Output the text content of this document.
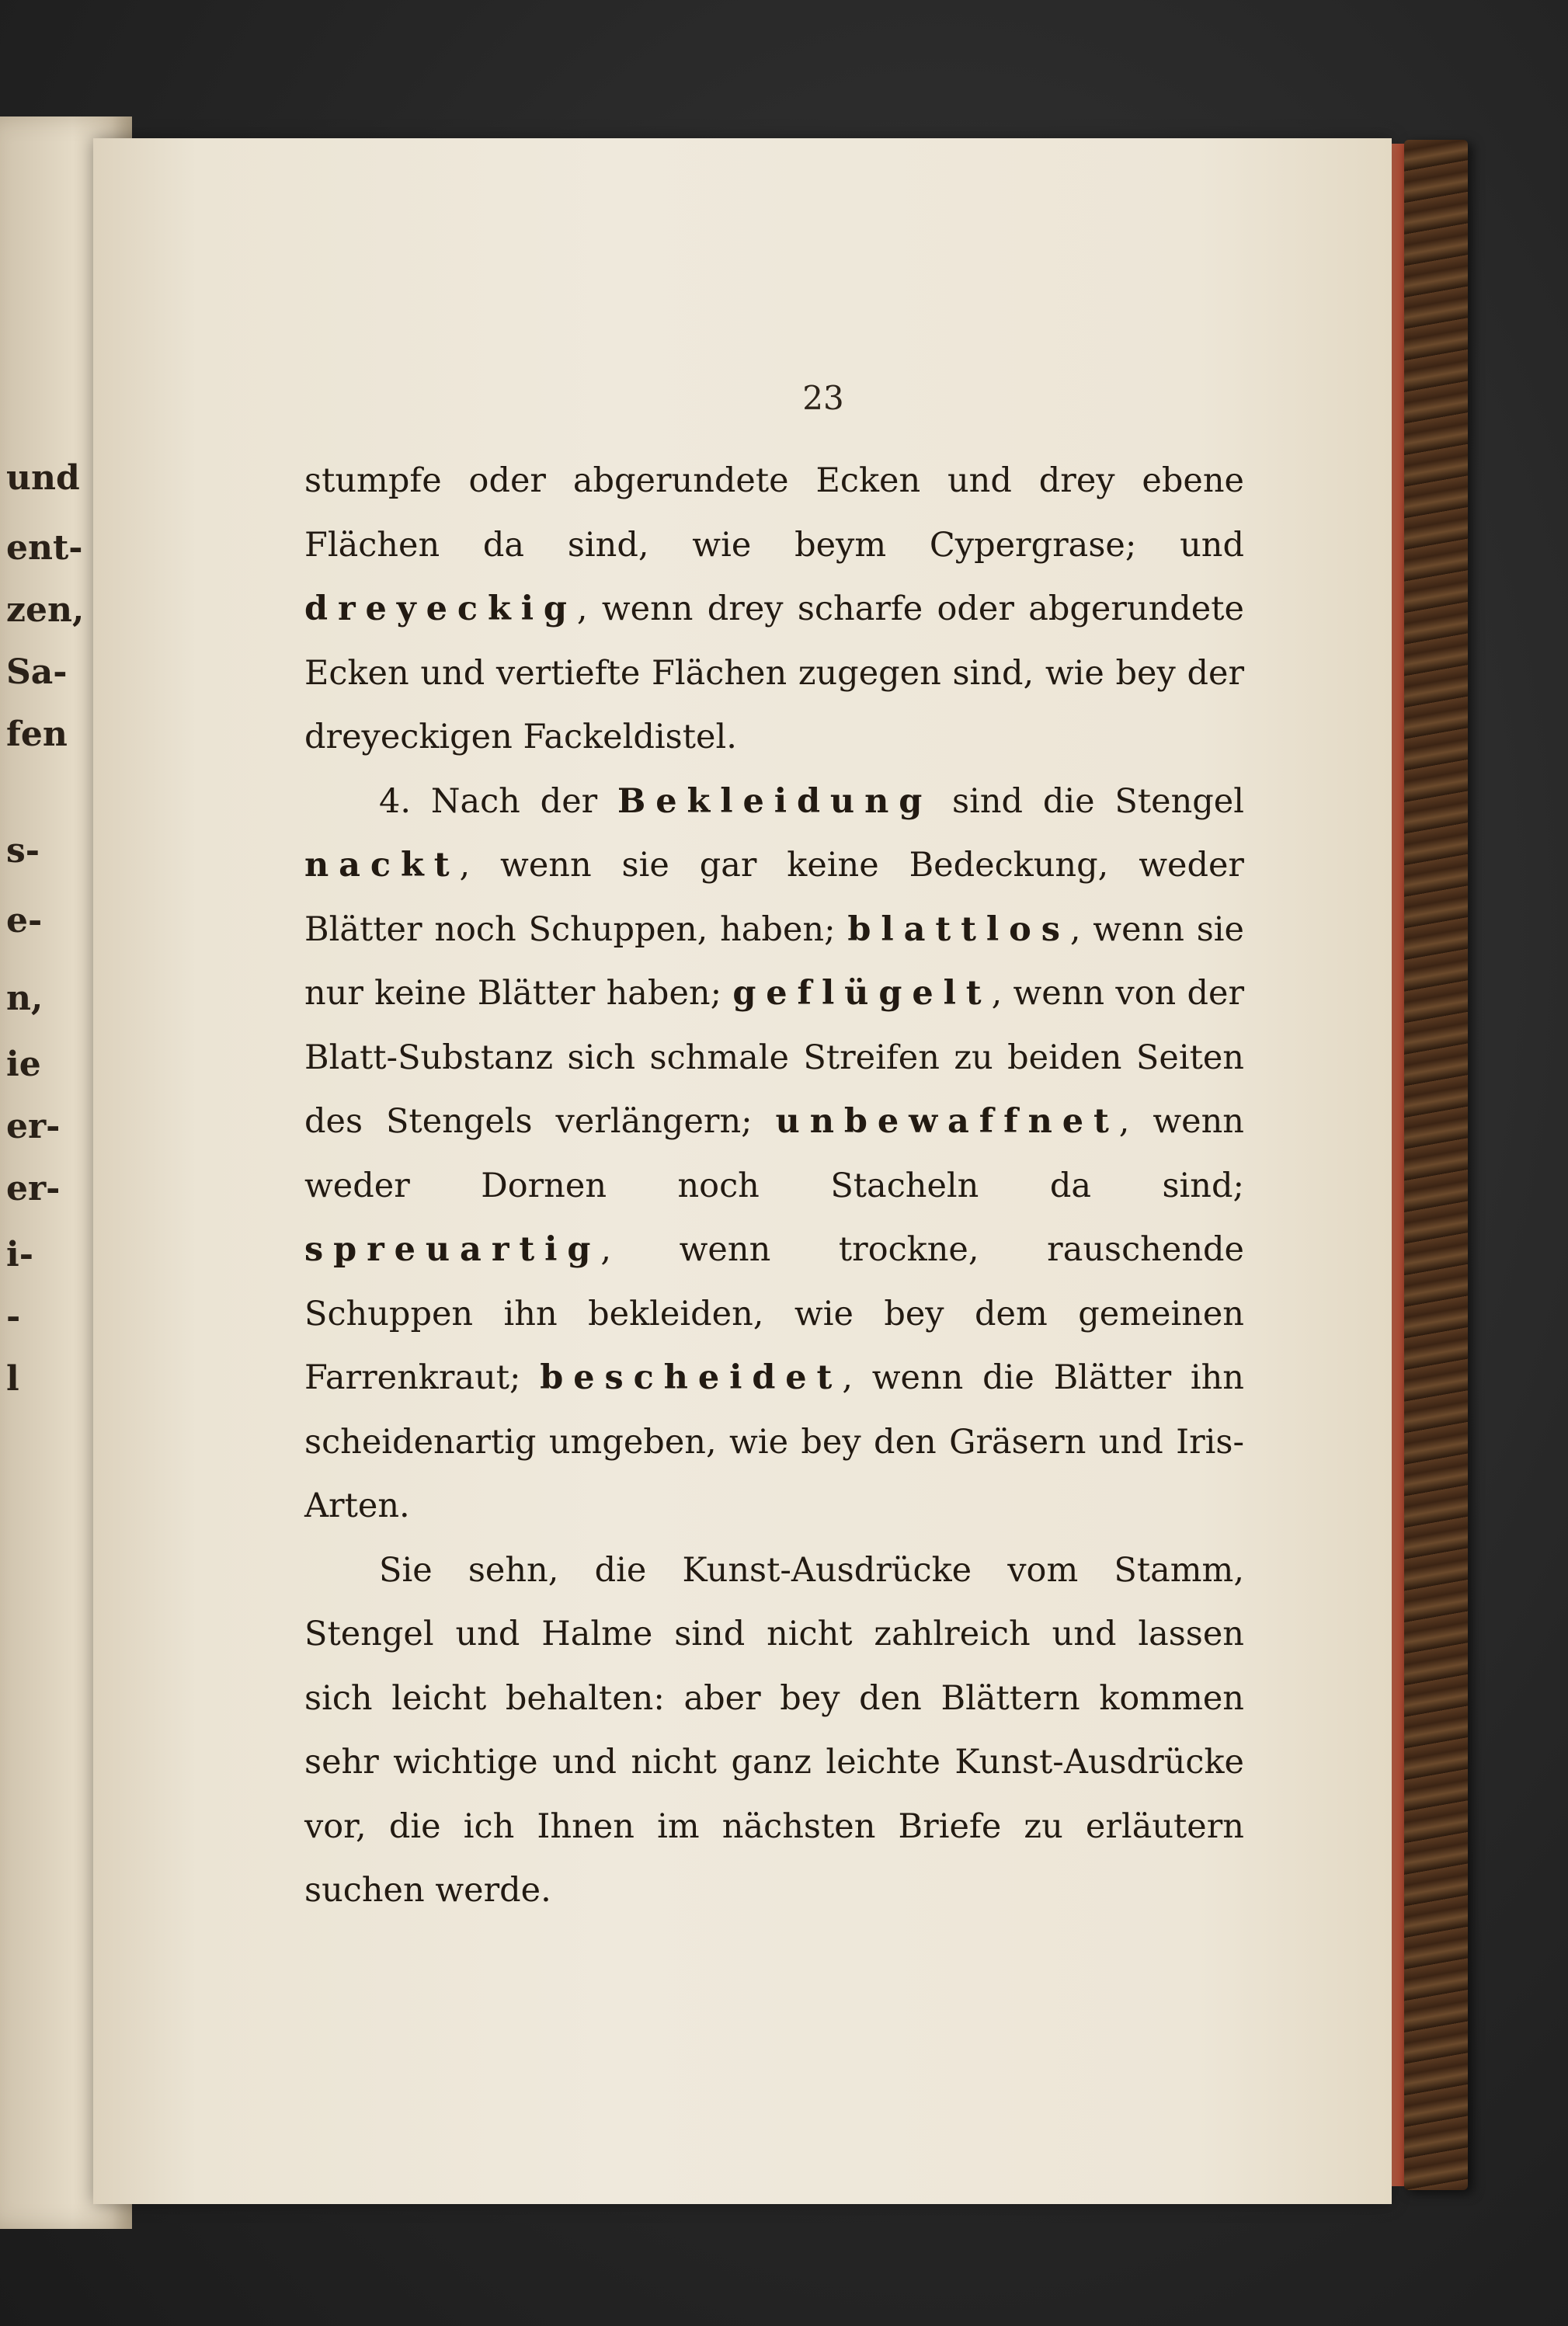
und
ent-
zen,
Sa-
fen
s-
e-
n,
ie
er-
er-
i-
-
l
23

stumpfe oder abgerundete Ecken und drey ebene Flächen da sind, wie beym Cypergrase; und dreyeckig, wenn drey scharfe oder abgerundete Ecken und vertiefte Flächen zugegen sind, wie bey der dreyeckigen Fackeldistel.

4. Nach der Bekleidung sind die Stengel nackt, wenn sie gar keine Bedeckung, weder Blätter noch Schuppen, haben; blattlos, wenn sie nur keine Blätter haben; geflügelt, wenn von der Blatt-Substanz sich schmale Streifen zu beiden Seiten des Stengels verlängern; unbewaffnet, wenn weder Dornen noch Stacheln da sind; spreuartig, wenn trockne, rauschende Schuppen ihn bekleiden, wie bey dem gemeinen Farrenkraut; bescheidet, wenn die Blätter ihn scheidenartig umgeben, wie bey den Gräsern und Iris-Arten.

Sie sehn, die Kunst-Ausdrücke vom Stamm, Stengel und Halme sind nicht zahlreich und lassen sich leicht behalten: aber bey den Blättern kommen sehr wichtige und nicht ganz leichte Kunst-Ausdrücke vor, die ich Ihnen im nächsten Briefe zu erläutern suchen werde.
